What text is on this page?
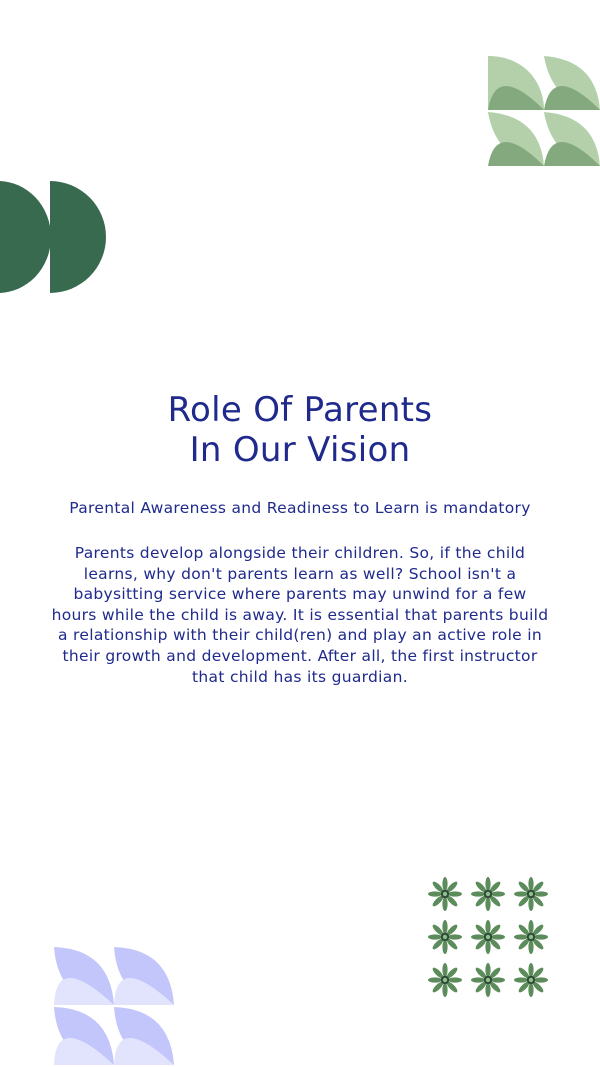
Role Of Parents
In Our Vision

Parental Awareness and Readiness to Learn is mandatory

Parents develop alongside their children. So, if the child learns, why don't parents learn as well? School isn't a babysitting service where parents may unwind for a few hours while the child is away. It is essential that parents build a relationship with their child(ren) and play an active role in their growth and development. After all, the first instructor that child has its guardian.
